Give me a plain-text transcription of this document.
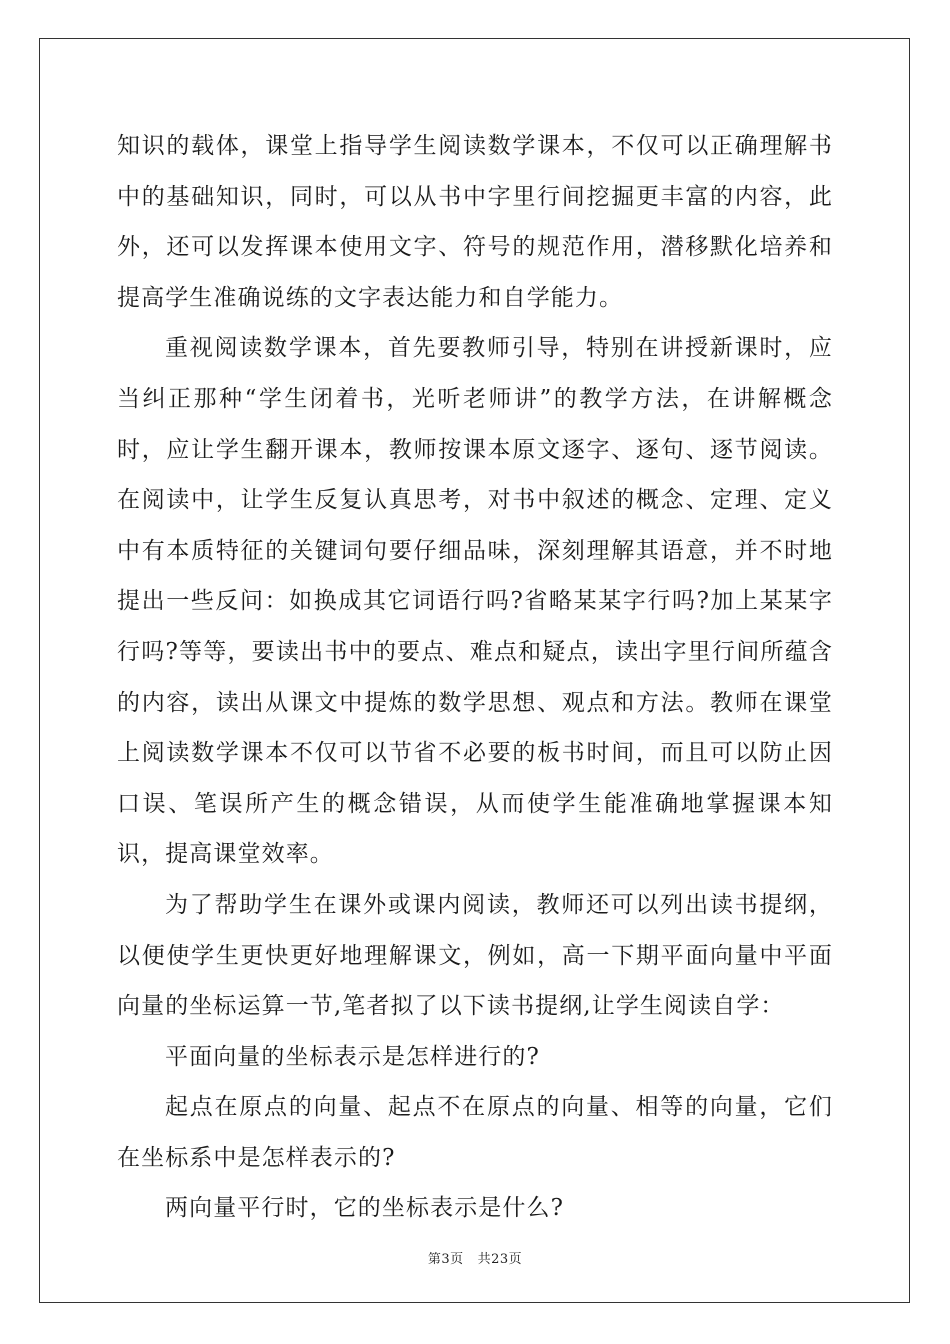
知识的载体，课堂上指导学生阅读数学课本，不仅可以正确理解书中的基础知识，同时，可以从书中字里行间挖掘更丰富的内容，此外，还可以发挥课本使用文字、符号的规范作用，潜移默化培养和提高学生准确说练的文字表达能力和自学能力。

重视阅读数学课本，首先要教师引导，特别在讲授新课时，应当纠正那种“学生闭着书，光听老师讲”的教学方法，在讲解概念时，应让学生翻开课本，教师按课本原文逐字、逐句、逐节阅读。在阅读中，让学生反复认真思考，对书中叙述的概念、定理、定义中有本质特征的关键词句要仔细品味，深刻理解其语意，并不时地提出一些反问：如换成其它词语行吗?省略某某字行吗?加上某某字行吗?等等，要读出书中的要点、难点和疑点，读出字里行间所蕴含的内容，读出从课文中提炼的数学思想、观点和方法。教师在课堂上阅读数学课本不仅可以节省不必要的板书时间，而且可以防止因口误、笔误所产生的概念错误，从而使学生能准确地掌握课本知识，提高课堂效率。

为了帮助学生在课外或课内阅读，教师还可以列出读书提纲，以便使学生更快更好地理解课文，例如，高一下期平面向量中平面向量的坐标运算一节,笔者拟了以下读书提纲,让学生阅读自学：

平面向量的坐标表示是怎样进行的?

起点在原点的向量、起点不在原点的向量、相等的向量，它们在坐标系中是怎样表示的?

两向量平行时，它的坐标表示是什么?

第3页 共23页
